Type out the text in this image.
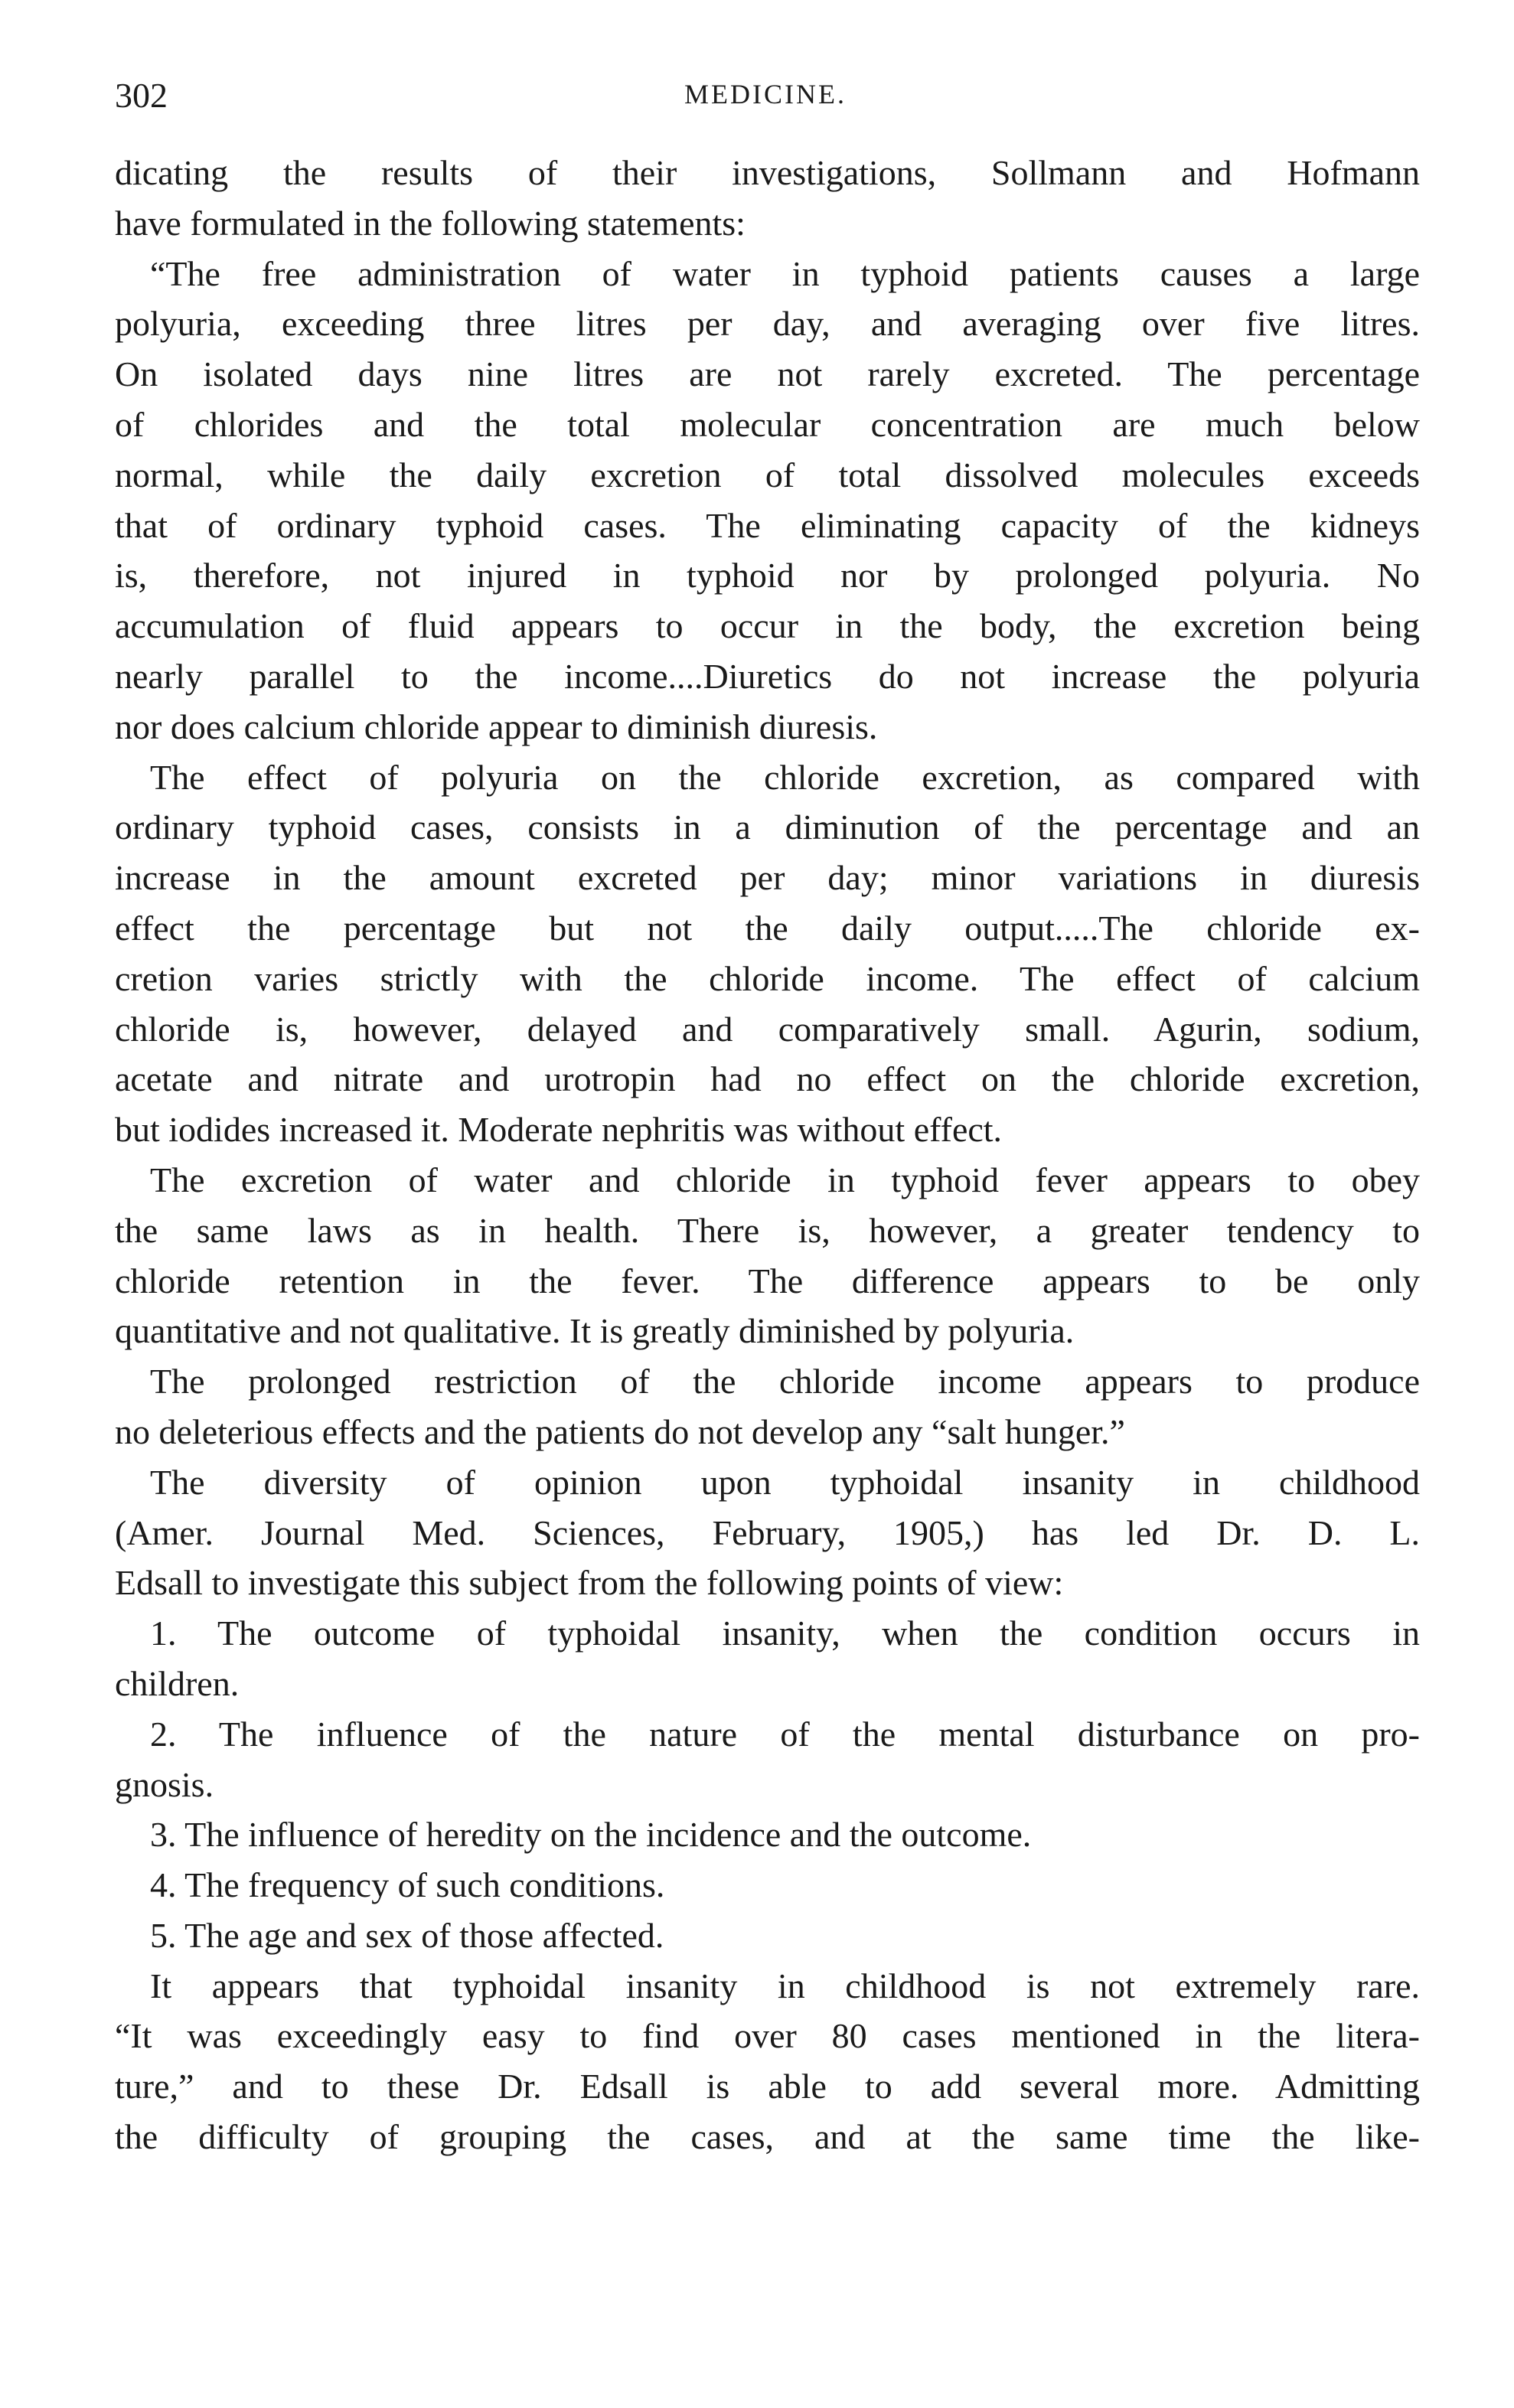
302	MEDICINE.
dicating the results of their investigations, Sollmann and Hofmann
have formulated in the following statements:
“The free administration of water in typhoid patients causes a large
polyuria, exceeding three litres per day, and averaging over five litres.
On isolated days nine litres are not rarely excreted. The percentage
of chlorides and the total molecular concentration are much below
normal, while the daily excretion of total dissolved molecules exceeds
that of ordinary typhoid cases. The eliminating capacity of the kidneys
is, therefore, not injured in typhoid nor by prolonged polyuria. No
accumulation of fluid appears to occur in the body, the excretion being
nearly parallel to the income....Diuretics do not increase the polyuria
nor does calcium chloride appear to diminish diuresis.
The effect of polyuria on the chloride excretion, as compared with
ordinary typhoid cases, consists in a diminution of the percentage and an
increase in the amount excreted per day; minor variations in diuresis
effect the percentage but not the daily output.....The chloride ex-
cretion varies strictly with the chloride income. The effect of calcium
chloride is, however, delayed and comparatively small. Agurin, sodium,
acetate and nitrate and urotropin had no effect on the chloride excretion,
but iodides increased it. Moderate nephritis was without effect.
The excretion of water and chloride in typhoid fever appears to obey
the same laws as in health. There is, however, a greater tendency to
chloride retention in the fever. The difference appears to be only
quantitative and not qualitative. It is greatly diminished by polyuria.
The prolonged restriction of the chloride income appears to produce
no deleterious effects and the patients do not develop any “salt hunger.”
The diversity of opinion upon typhoidal insanity in childhood
(Amer. Journal Med. Sciences, February, 1905,) has led Dr. D. L.
Edsall to investigate this subject from the following points of view:
1. The outcome of typhoidal insanity, when the condition occurs in
children.
2. The influence of the nature of the mental disturbance on pro-
gnosis.
3. The influence of heredity on the incidence and the outcome.
4. The frequency of such conditions.
5. The age and sex of those affected.
It appears that typhoidal insanity in childhood is not extremely rare.
“It was exceedingly easy to find over 80 cases mentioned in the litera-
ture,” and to these Dr. Edsall is able to add several more. Admitting
the difficulty of grouping the cases, and at the same time the like-
